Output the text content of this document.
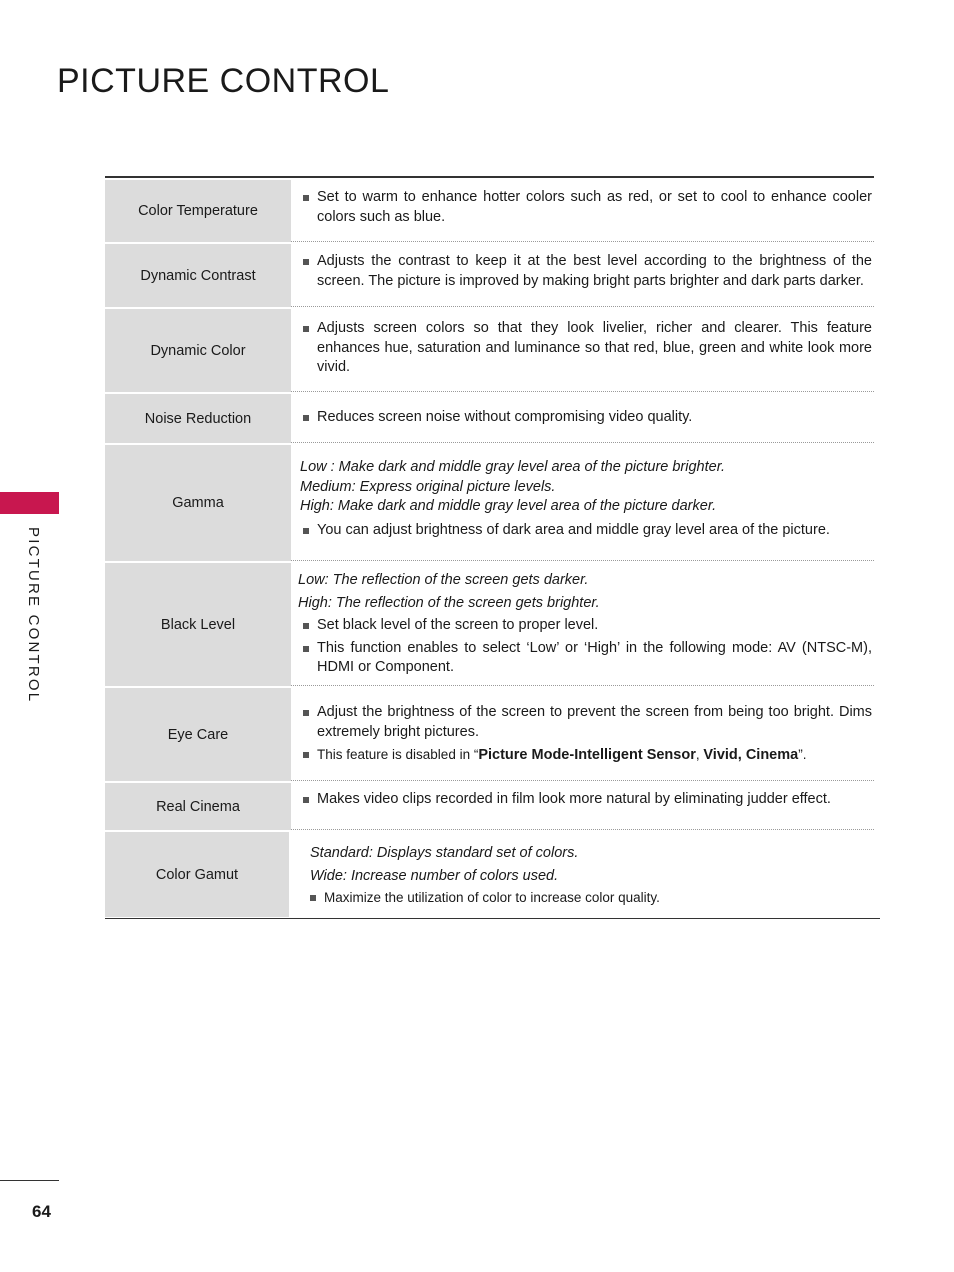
PICTURE CONTROL
PICTURE CONTROL
Color Temperature
Set to warm to enhance hotter colors such as red, or set to cool to enhance cooler colors such as blue.
Dynamic Contrast
Adjusts the contrast to keep it at the best level according to the brightness of the screen. The picture is improved by making bright parts brighter and dark parts darker.
Dynamic Color
Adjusts screen colors so that they look livelier, richer and clearer. This feature enhances hue, saturation and luminance so that red, blue, green and white look more vivid.
Noise Reduction	Reduces screen noise without compromising video quality.
Gamma
Low : Make dark and middle gray level area of the picture brighter.
Medium: Express original picture levels.
High: Make dark and middle gray level area of the picture darker.
You can adjust brightness of dark area and middle gray level area of the picture.
Black Level
Low: The reflection of the screen gets darker.
High: The reflection of the screen gets brighter.
Set black level of the screen to proper level.
This function enables to select ‘Low’ or ‘High’ in the following mode: AV (NTSC-M), HDMI or Component.
Eye Care
Adjust the brightness of the screen to prevent the screen from being too bright. Dims extremely bright pictures.
This feature is disabled in “Picture Mode-Intelligent Sensor, Vivid, Cinema”.
Real Cinema	Makes video clips recorded in film look more natural by eliminating judder effect.
Color Gamut
Standard: Displays standard set of colors.
Wide: Increase number of colors used.
Maximize the utilization of color to increase color quality.
64
